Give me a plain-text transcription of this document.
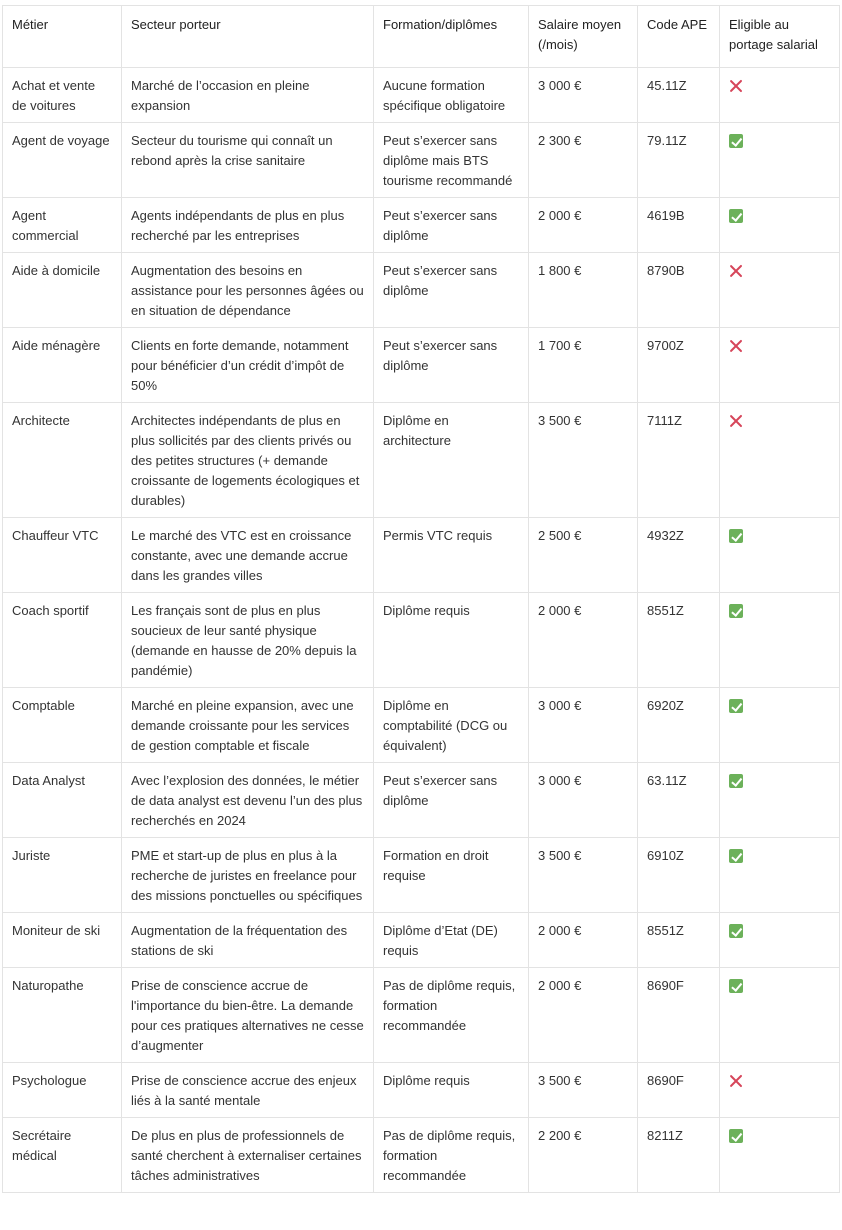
Métier	Secteur porteur	Formation/diplômes	Salaire moyen (/mois)	Code APE	Eligible au portage salarial
Achat et vente de voitures	Marché de l’occasion en pleine expansion	Aucune formation spécifique obligatoire	3 000 €	45.11Z	
Agent de voyage	Secteur du tourisme qui connaît un rebond après la crise sanitaire	Peut s’exercer sans diplôme mais BTS tourisme recommandé	2 300 €	79.11Z	
Agent commercial	Agents indépendants de plus en plus recherché par les entreprises	Peut s’exercer sans diplôme	2 000 €	4619B	
Aide à domicile	Augmentation des besoins en assistance pour les personnes âgées ou en situation de dépendance	Peut s’exercer sans diplôme	1 800 €	8790B	
Aide ménagère	Clients en forte demande, notamment pour bénéficier d’un crédit d’impôt de 50%	Peut s’exercer sans diplôme	1 700 €	9700Z	
Architecte	Architectes indépendants de plus en plus sollicités par des clients privés ou des petites structures (+ demande croissante de logements écologiques et durables)	Diplôme en architecture	3 500 €	7111Z	
Chauffeur VTC	Le marché des VTC est en croissance constante, avec une demande accrue dans les grandes villes	Permis VTC requis	2 500 €	4932Z	
Coach sportif	Les français sont de plus en plus soucieux de leur santé physique (demande en hausse de 20% depuis la pandémie)	Diplôme requis	2 000 €	8551Z	
Comptable	Marché en pleine expansion, avec une demande croissante pour les services de gestion comptable et fiscale	Diplôme en comptabilité (DCG ou équivalent)	3 000 €	6920Z	
Data Analyst	Avec l’explosion des données, le métier de data analyst est devenu l’un des plus recherchés en 2024	Peut s’exercer sans diplôme	3 000 €	63.11Z	
Juriste	PME et start-up de plus en plus à la recherche de juristes en freelance pour des missions ponctuelles ou spécifiques	Formation en droit requise	3 500 €	6910Z	
Moniteur de ski	Augmentation de la fréquentation des stations de ski	Diplôme d’Etat (DE) requis	2 000 €	8551Z	
Naturopathe	Prise de conscience accrue de l'importance du bien-être. La demande pour ces pratiques alternatives ne cesse d’augmenter	Pas de diplôme requis, formation recommandée	2 000 €	8690F	
Psychologue	Prise de conscience accrue des enjeux liés à la santé mentale	Diplôme requis	3 500 €	8690F	
Secrétaire médical	De plus en plus de professionnels de santé cherchent à externaliser certaines tâches administratives	Pas de diplôme requis, formation recommandée	2 200 €	8211Z	
